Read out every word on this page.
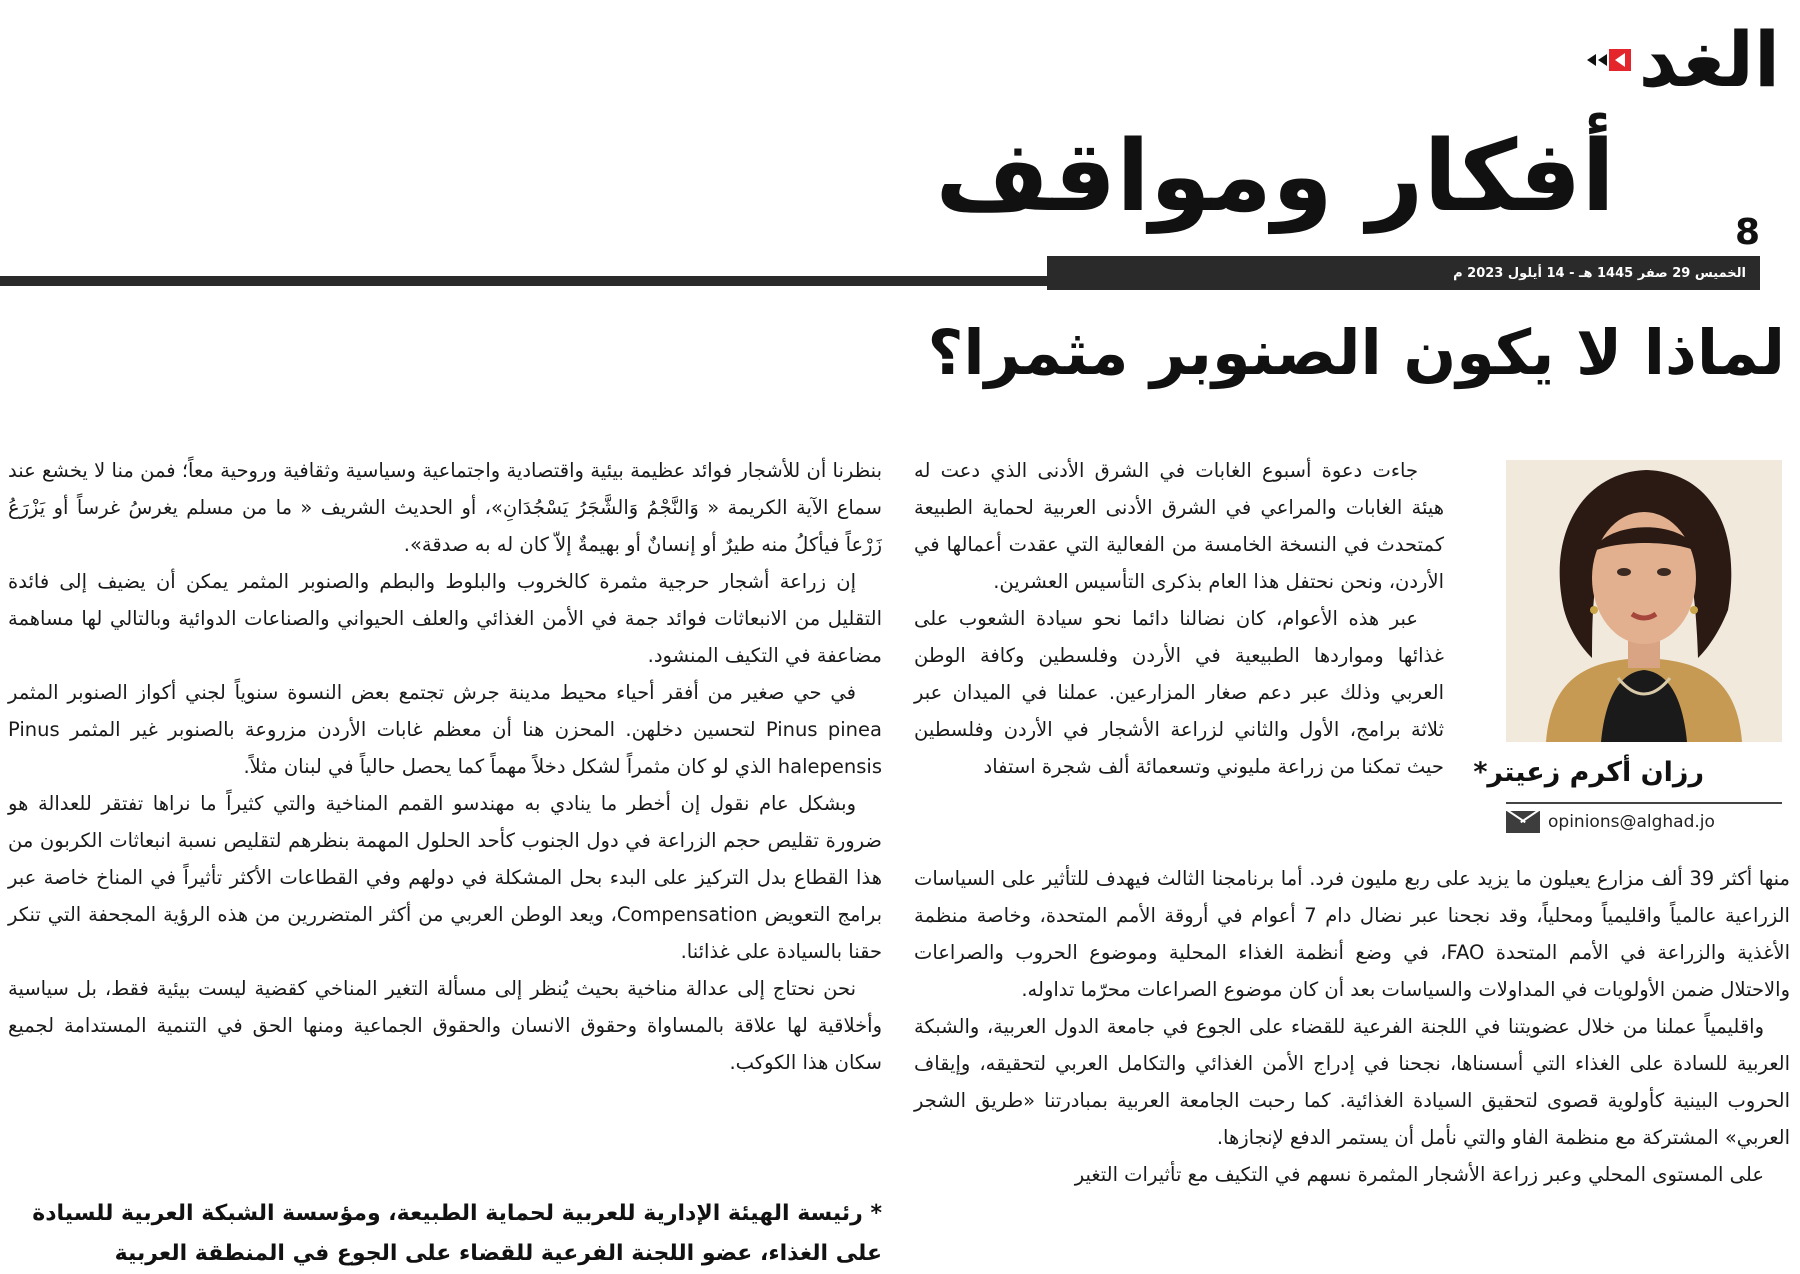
الغد
أفكار ومواقف	8
الخميس 29 صفر 1445 هـ - 14 أيلول 2023 م
لماذا لا يكون الصنوبر مثمرا؟
رزان أكرم زعيتر*
opinions@alghad.jo

جاءت دعوة أسبوع الغابات في الشرق الأدنى الذي دعت له هيئة الغابات والمراعي في الشرق الأدنى العربية لحماية الطبيعة كمتحدث في النسخة الخامسة من الفعالية التي عقدت أعمالها في الأردن، ونحن نحتفل هذا العام بذكرى التأسيس العشرين.

عبر هذه الأعوام، كان نضالنا دائما نحو سيادة الشعوب على غذائها ومواردها الطبيعية في الأردن وفلسطين وكافة الوطن العربي وذلك عبر دعم صغار المزارعين. عملنا في الميدان عبر ثلاثة برامج، الأول والثاني لزراعة الأشجار في الأردن وفلسطين حيث تمكنا من زراعة مليوني وتسعمائة ألف شجرة استفاد

منها أكثر 39 ألف مزارع يعيلون ما يزيد على ربع مليون فرد. أما برنامجنا الثالث فيهدف للتأثير على السياسات الزراعية عالمياً واقليمياً ومحلياً، وقد نجحنا عبر نضال دام 7 أعوام في أروقة الأمم المتحدة، وخاصة منظمة الأغذية والزراعة في الأمم المتحدة FAO، في وضع أنظمة الغذاء المحلية وموضوع الحروب والصراعات والاحتلال ضمن الأولويات في المداولات والسياسات بعد أن كان موضوع الصراعات محرّما تداوله.

واقليمياً عملنا من خلال عضويتنا في اللجنة الفرعية للقضاء على الجوع في جامعة الدول العربية، والشبكة العربية للسادة على الغذاء التي أسسناها، نجحنا في إدراج الأمن الغذائي والتكامل العربي لتحقيقه، وإيقاف الحروب البينية كأولوية قصوى لتحقيق السيادة الغذائية. كما رحبت الجامعة العربية بمبادرتنا «طريق الشجر العربي» المشتركة مع منظمة الفاو والتي نأمل أن يستمر الدفع لإنجازها.

على المستوى المحلي وعبر زراعة الأشجار المثمرة نسهم في التكيف مع تأثيرات التغير

بنظرنا أن للأشجار فوائد عظيمة بيئية واقتصادية واجتماعية وسياسية وثقافية وروحية معاً؛ فمن منا لا يخشع عند سماع الآية الكريمة « وَالنَّجْمُ وَالشَّجَرُ يَسْجُدَانِ»، أو الحديث الشريف « ما من مسلم يغرسُ غرساً أو يَزْرَعُ زَرْعاً فيأكلُ منه طيرٌ أو إنسانٌ أو بهيمةٌ إلاّ كان له به صدقة».

إن زراعة أشجار حرجية مثمرة كالخروب والبلوط والبطم والصنوبر المثمر يمكن أن يضيف إلى فائدة التقليل من الانبعاثات فوائد جمة في الأمن الغذائي والعلف الحيواني والصناعات الدوائية وبالتالي لها مساهمة مضاعفة في التكيف المنشود.

في حي صغير من أفقر أحياء محيط مدينة جرش تجتمع بعض النسوة سنوياً لجني أكواز الصنوبر المثمر Pinus pinea لتحسين دخلهن. المحزن هنا أن معظم غابات الأردن مزروعة بالصنوبر غير المثمر Pinus halepensis الذي لو كان مثمراً لشكل دخلاً مهماً كما يحصل حالياً في لبنان مثلاً.

وبشكل عام نقول إن أخطر ما ينادي به مهندسو القمم المناخية والتي كثيراً ما نراها تفتقر للعدالة هو ضرورة تقليص حجم الزراعة في دول الجنوب كأحد الحلول المهمة بنظرهم لتقليص نسبة انبعاثات الكربون من هذا القطاع بدل التركيز على البدء بحل المشكلة في دولهم وفي القطاعات الأكثر تأثيراً في المناخ خاصة عبر برامج التعويض Compensation، ويعد الوطن العربي من أكثر المتضررين من هذه الرؤية المجحفة التي تنكر حقنا بالسيادة على غذائنا.

نحن نحتاج إلى عدالة مناخية بحيث يُنظر إلى مسألة التغير المناخي كقضية ليست بيئية فقط، بل سياسية وأخلاقية لها علاقة بالمساواة وحقوق الانسان والحقوق الجماعية ومنها الحق في التنمية المستدامة لجميع سكان هذا الكوكب.

* رئيسة الهيئة الإدارية للعربية لحماية الطبيعة، ومؤسسة الشبكة العربية للسيادة على الغذاء، عضو اللجنة الفرعية للقضاء على الجوع في المنطقة العربية
